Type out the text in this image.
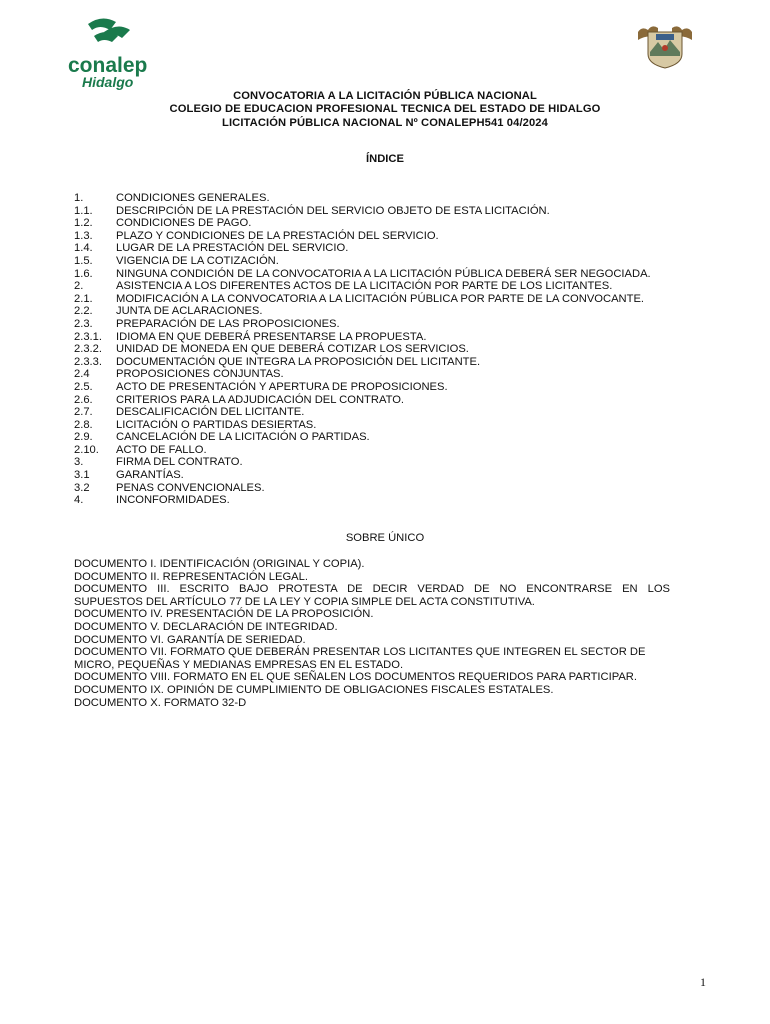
conalep
Hidalgo
CONVOCATORIA A LA LICITACIÓN PÚBLICA NACIONAL
COLEGIO DE EDUCACION PROFESIONAL TECNICA DEL ESTADO DE HIDALGO
LICITACIÓN PÚBLICA NACIONAL Nº CONALEPH541 04/2024
ÍNDICE
1.	CONDICIONES GENERALES.
1.1.	DESCRIPCIÓN DE LA PRESTACIÓN DEL SERVICIO OBJETO DE ESTA LICITACIÓN.
1.2.	CONDICIONES DE PAGO.
1.3.	PLAZO Y CONDICIONES DE LA PRESTACIÓN DEL SERVICIO.
1.4.	LUGAR DE LA PRESTACIÓN DEL SERVICIO.
1.5.	VIGENCIA DE LA COTIZACIÓN.
1.6.	NINGUNA CONDICIÓN DE LA CONVOCATORIA A LA LICITACIÓN PÚBLICA DEBERÁ SER NEGOCIADA.
2.	ASISTENCIA A LOS DIFERENTES ACTOS DE LA LICITACIÓN POR PARTE DE LOS LICITANTES.
2.1.	MODIFICACIÓN A LA CONVOCATORIA A LA LICITACIÓN PÚBLICA POR PARTE DE LA CONVOCANTE.
2.2.	JUNTA DE ACLARACIONES.
2.3.	PREPARACIÓN DE LAS PROPOSICIONES.
2.3.1.	IDIOMA EN QUE DEBERÁ PRESENTARSE LA PROPUESTA.
2.3.2.	UNIDAD DE MONEDA EN QUE DEBERÁ COTIZAR LOS SERVICIOS.
2.3.3.	DOCUMENTACIÓN QUE INTEGRA LA PROPOSICIÓN DEL LICITANTE.
2.4	PROPOSICIONES CONJUNTAS.
2.5.	ACTO DE PRESENTACIÓN Y APERTURA DE PROPOSICIONES.
2.6.	CRITERIOS PARA LA ADJUDICACIÓN DEL CONTRATO.
2.7.	DESCALIFICACIÓN DEL LICITANTE.
2.8.	LICITACIÓN O PARTIDAS DESIERTAS.
2.9.	CANCELACIÓN DE LA LICITACIÓN O PARTIDAS.
2.10.	ACTO DE FALLO.
3.	FIRMA DEL CONTRATO.
3.1	GARANTÍAS.
3.2	PENAS CONVENCIONALES.
4.	INCONFORMIDADES.
SOBRE ÚNICO
DOCUMENTO I. IDENTIFICACIÓN (ORIGINAL Y COPIA).
DOCUMENTO II. REPRESENTACIÓN LEGAL.
DOCUMENTO III. ESCRITO BAJO PROTESTA DE DECIR VERDAD DE NO ENCONTRARSE EN LOS
SUPUESTOS DEL ARTÍCULO 77 DE LA LEY Y COPIA SIMPLE DEL ACTA CONSTITUTIVA.
DOCUMENTO IV. PRESENTACIÓN DE LA PROPOSICIÓN.
DOCUMENTO V. DECLARACIÓN DE INTEGRIDAD.
DOCUMENTO VI. GARANTÍA DE SERIEDAD.
DOCUMENTO VII. FORMATO QUE DEBERÁN PRESENTAR LOS LICITANTES QUE INTEGREN EL SECTOR DE
MICRO, PEQUEÑAS Y MEDIANAS EMPRESAS EN EL ESTADO.
DOCUMENTO VIII. FORMATO EN EL QUE SEÑALEN LOS DOCUMENTOS REQUERIDOS PARA PARTICIPAR.
DOCUMENTO IX. OPINIÓN DE CUMPLIMIENTO DE OBLIGACIONES FISCALES ESTATALES.
DOCUMENTO X. FORMATO 32-D
1
